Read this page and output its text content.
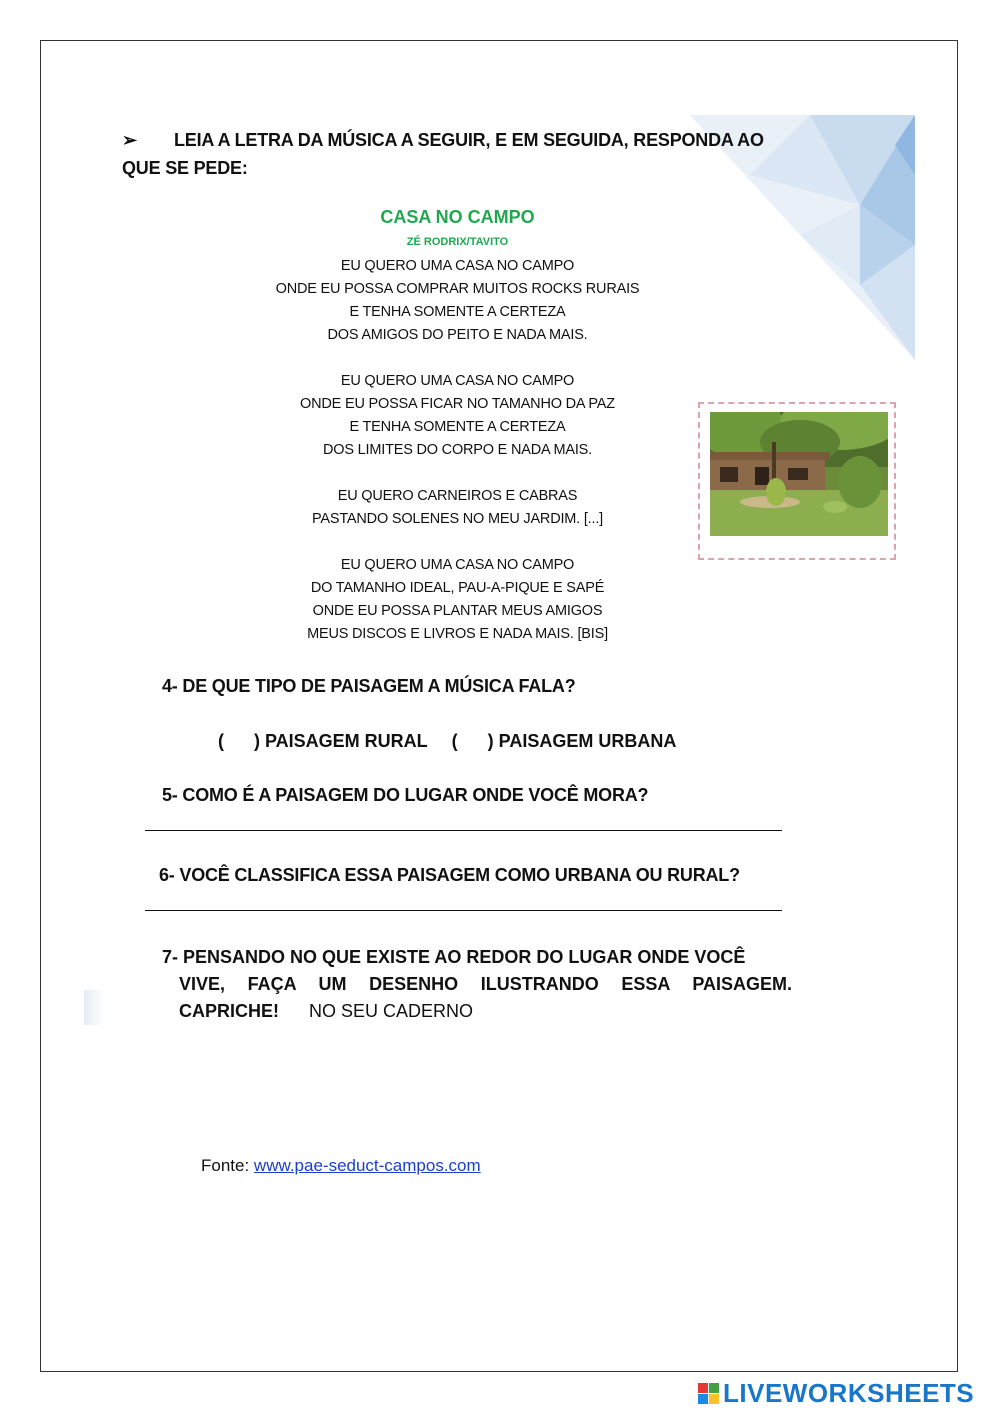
➢ LEIA A LETRA DA MÚSICA A SEGUIR, E EM SEGUIDA, RESPONDA AO QUE SE PEDE:
CASA NO CAMPO
ZÉ RODRIX/TAVITO
EU QUERO UMA CASA NO CAMPO
ONDE EU POSSA COMPRAR MUITOS ROCKS RURAIS
E TENHA SOMENTE A CERTEZA
DOS AMIGOS DO PEITO E NADA MAIS.
EU QUERO UMA CASA NO CAMPO
ONDE EU POSSA FICAR NO TAMANHO DA PAZ
E TENHA SOMENTE A CERTEZA
DOS LIMITES DO CORPO E NADA MAIS.
EU QUERO CARNEIROS E CABRAS
PASTANDO SOLENES NO MEU JARDIM. [...]
EU QUERO UMA CASA NO CAMPO
DO TAMANHO IDEAL, PAU-A-PIQUE E SAPÉ
ONDE EU POSSA PLANTAR MEUS AMIGOS
MEUS DISCOS E LIVROS E NADA MAIS. [BIS]
4- DE QUE TIPO DE PAISAGEM A MÚSICA FALA?
(      ) PAISAGEM RURAL (      ) PAISAGEM URBANA
5- COMO É A PAISAGEM DO LUGAR ONDE VOCÊ MORA?
6- VOCÊ CLASSIFICA ESSA PAISAGEM COMO URBANA OU RURAL?
7- PENSANDO NO QUE EXISTE AO REDOR DO LUGAR ONDE VOCÊ
VIVE, FAÇA UM DESENHO ILUSTRANDO ESSA PAISAGEM. CAPRICHE! NO SEU CADERNO
Fonte: www.pae-seduct-campos.com
LIVEWORKSHEETS
